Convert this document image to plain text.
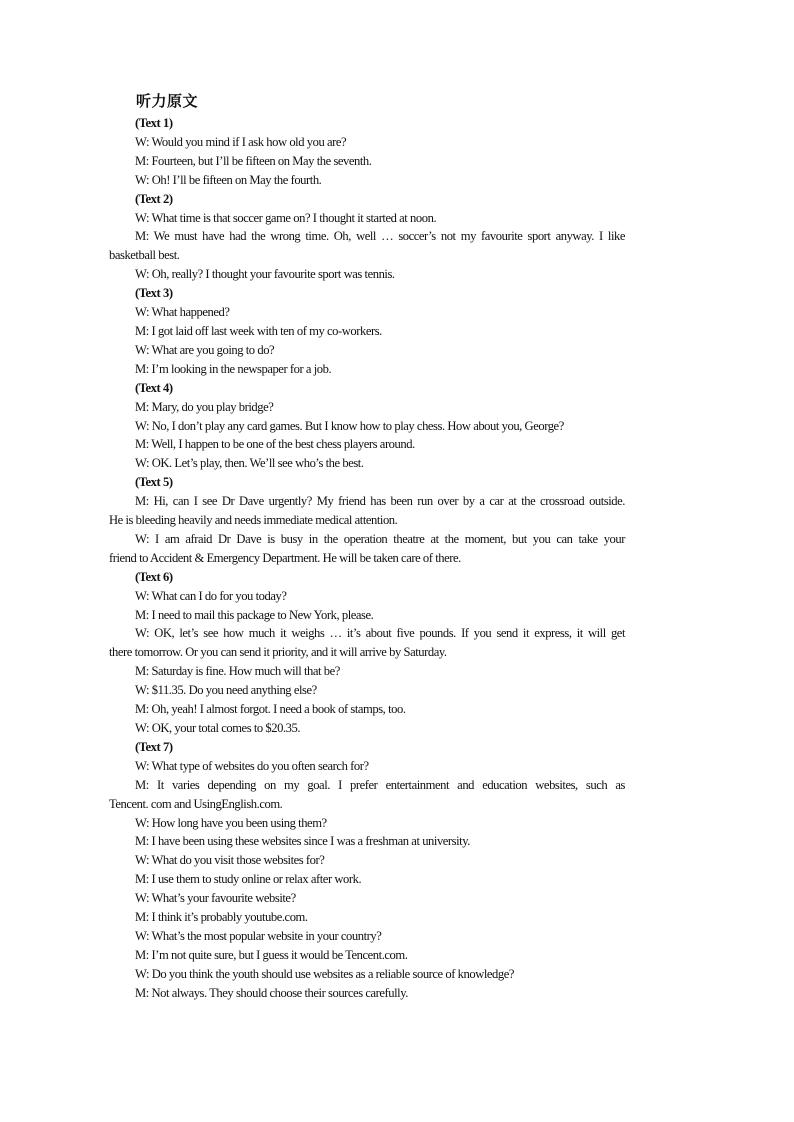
听力原文
(Text 1)
W: Would you mind if I ask how old you are?
M: Fourteen, but I’ll be fifteen on May the seventh.
W: Oh! I’ll be fifteen on May the fourth.
(Text 2)
W: What time is that soccer game on? I thought it started at noon.
M: We must have had the wrong time. Oh, well … soccer’s not my favourite sport anyway. I like
basketball best.
W: Oh, really? I thought your favourite sport was tennis.
(Text 3)
W: What happened?
M: I got laid off last week with ten of my co-workers.
W: What are you going to do?
M: I’m looking in the newspaper for a job.
(Text 4)
M: Mary, do you play bridge?
W: No, I don’t play any card games. But I know how to play chess. How about you, George?
M: Well, I happen to be one of the best chess players around.
W: OK. Let’s play, then. We’ll see who’s the best.
(Text 5)
M: Hi, can I see Dr Dave urgently? My friend has been run over by a car at the crossroad outside.
He is bleeding heavily and needs immediate medical attention.
W: I am afraid Dr Dave is busy in the operation theatre at the moment, but you can take your
friend to Accident & Emergency Department. He will be taken care of there.
(Text 6)
W: What can I do for you today?
M: I need to mail this package to New York, please.
W: OK, let’s see how much it weighs … it’s about five pounds. If you send it express, it will get
there tomorrow. Or you can send it priority, and it will arrive by Saturday.
M: Saturday is fine. How much will that be?
W: $11.35. Do you need anything else?
M: Oh, yeah! I almost forgot. I need a book of stamps, too.
W: OK, your total comes to $20.35.
(Text 7)
W: What type of websites do you often search for?
M: It varies depending on my goal. I prefer entertainment and education websites, such as
Tencent. com and UsingEnglish.com.
W: How long have you been using them?
M: I have been using these websites since I was a freshman at university.
W: What do you visit those websites for?
M: I use them to study online or relax after work.
W: What’s your favourite website?
M: I think it’s probably youtube.com.
W: What’s the most popular website in your country?
M: I’m not quite sure, but I guess it would be Tencent.com.
W: Do you think the youth should use websites as a reliable source of knowledge?
M: Not always. They should choose their sources carefully.
